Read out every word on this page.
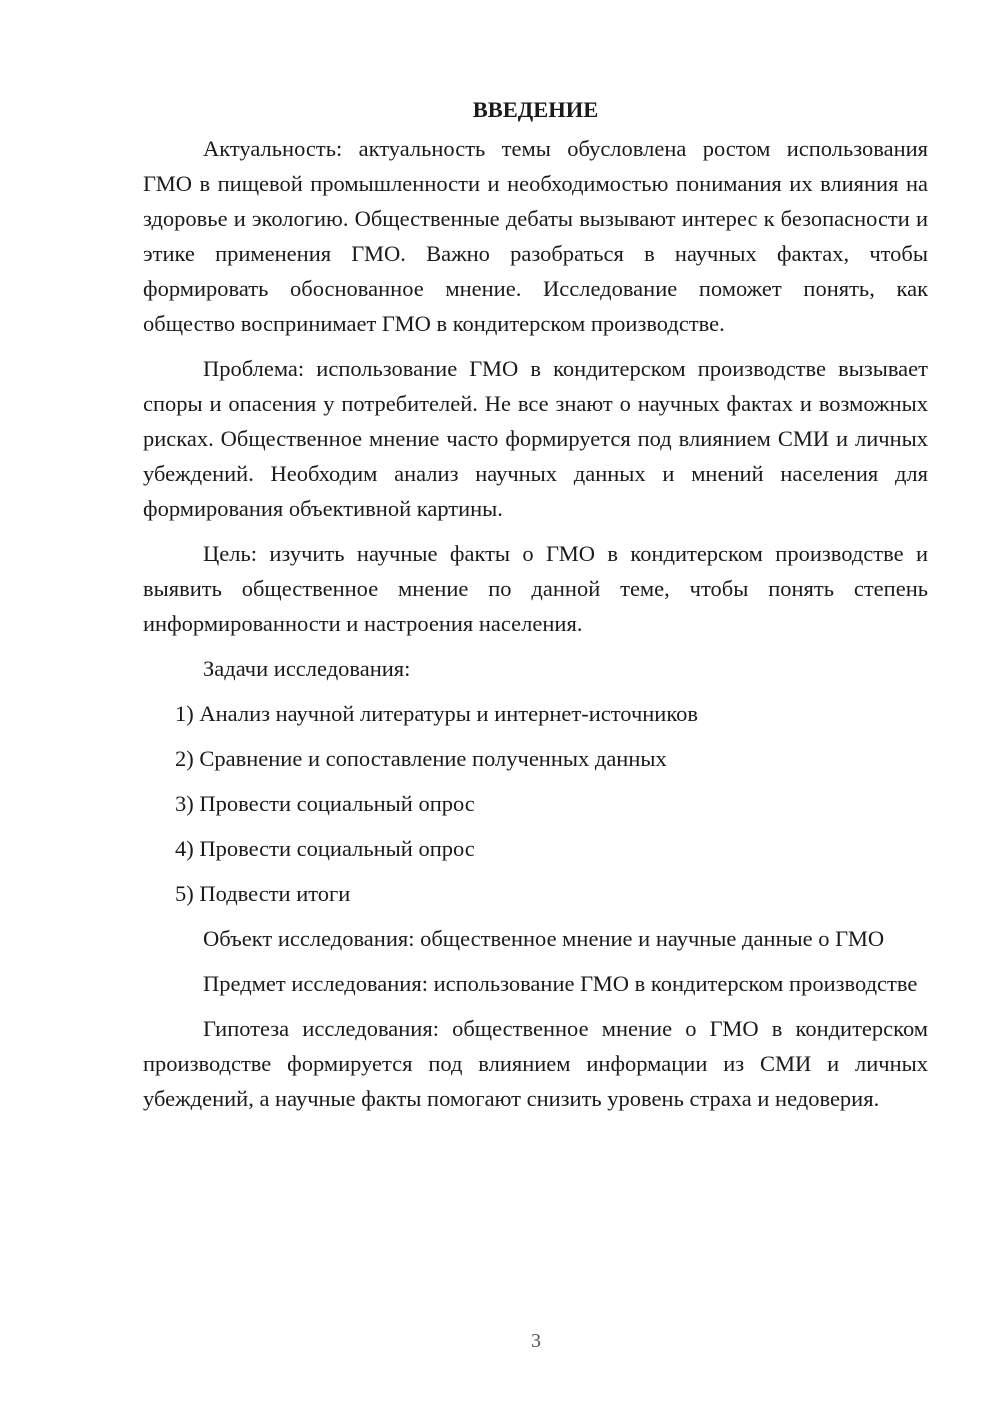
ВВЕДЕНИЕ

Актуальность: актуальность темы обусловлена ростом использования ГМО в пищевой промышленности и необходимостью понимания их влияния на здоровье и экологию. Общественные дебаты вызывают интерес к безопасности и этике применения ГМО. Важно разобраться в научных фактах, чтобы формировать обоснованное мнение. Исследование поможет понять, как общество воспринимает ГМО в кондитерском производстве.

Проблема: использование ГМО в кондитерском производстве вызывает споры и опасения у потребителей. Не все знают о научных фактах и возможных рисках. Общественное мнение часто формируется под влиянием СМИ и личных убеждений. Необходим анализ научных данных и мнений населения для формирования объективной картины.

Цель: изучить научные факты о ГМО в кондитерском производстве и выявить общественное мнение по данной теме, чтобы понять степень информированности и настроения населения.

Задачи исследования:

1) Анализ научной литературы и интернет-источников
2) Сравнение и сопоставление полученных данных
3) Провести социальный опрос
4) Провести социальный опрос
5) Подвести итоги

Объект исследования: общественное мнение и научные данные о ГМО

Предмет исследования: использование ГМО в кондитерском производстве

Гипотеза исследования: общественное мнение о ГМО в кондитерском производстве формируется под влиянием информации из СМИ и личных убеждений, а научные факты помогают снизить уровень страха и недоверия.

3
